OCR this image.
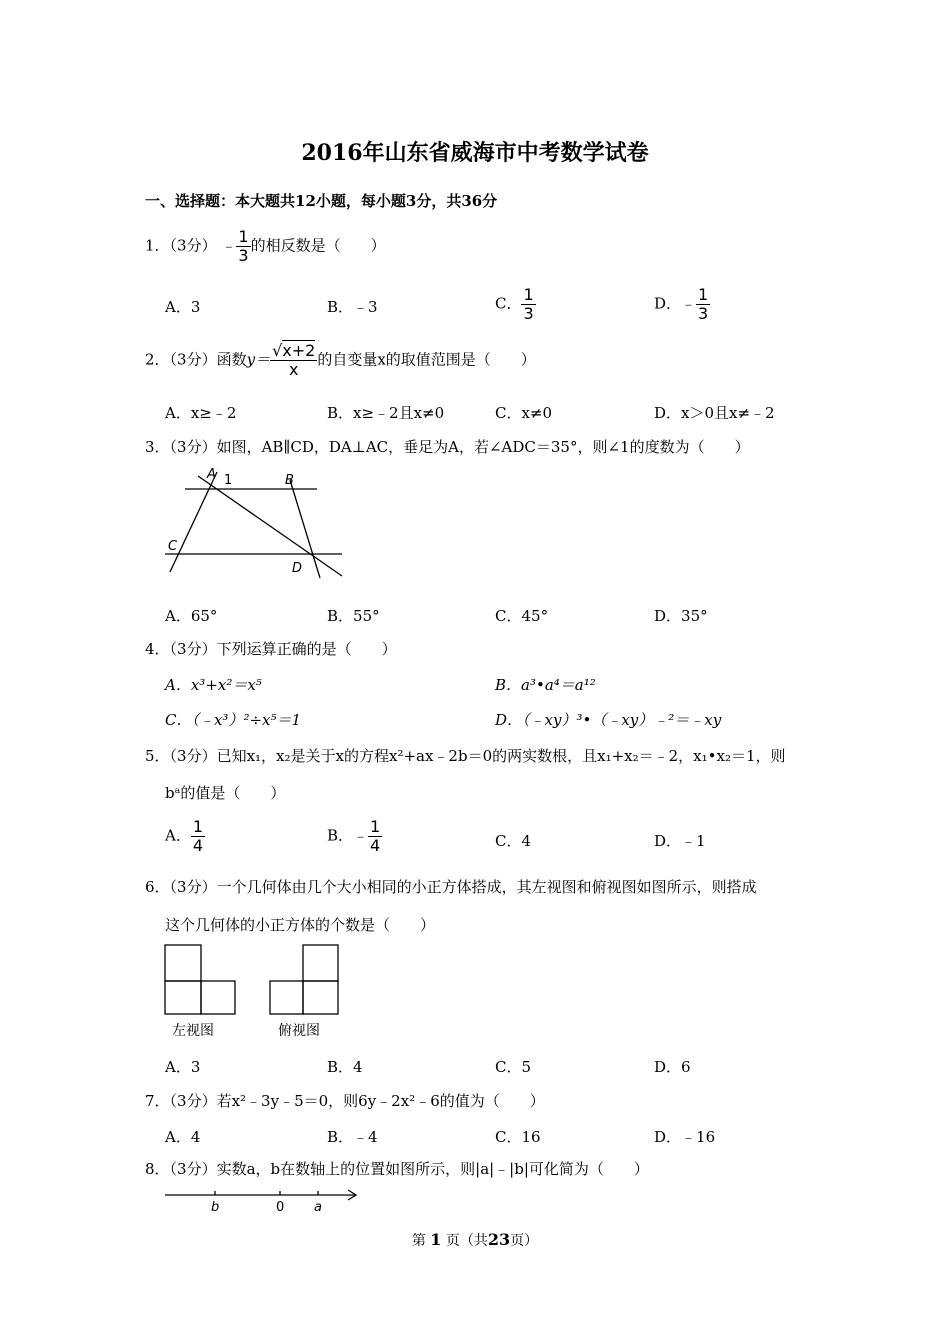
2016年山东省威海市中考数学试卷
一、选择题：本大题共12小题，每小题3分，共36分
1．（3分） ﹣ $\frac{1}{3}$ 的相反数是（　　）
A．3	B．﹣3	C． $\frac{1}{3}$	D．﹣ $\frac{1}{3}$
2．（3分）函数$y= \frac{√x+2}{x}$ 的自变量x的取值范围是（　　）
A．x≥﹣2	B．x≥﹣2且x≠0	C．x≠0	D．x＞0且x≠﹣2
3．（3分）如图，AB∥CD，DA⊥AC，垂足为A，若∠ADC＝35°，则∠1的度数为（　　）
A 1	B
C
D
A．65°	B．55°	C．45°	D．35°
4．（3分）下列运算正确的是（　　）
A．x³+x²＝x⁵	B．a³•a⁴＝a¹²
C．（﹣x³）²÷x⁵＝1	D．（﹣xy）³•（﹣xy）﹣²＝﹣xy
5．（3分）已知x₁，x₂是关于x的方程x²+ax﹣2b＝0的两实数根，且x₁+x₂＝﹣2，x₁•x₂＝1，则
bᵃ的值是（　　）
A． $\frac{1}{4}$	B．﹣ $\frac{1}{4}$	C．4	D．﹣1
6．（3分）一个几何体由几个大小相同的小正方体搭成，其左视图和俯视图如图所示，则搭成
这个几何体的小正方体的个数是（　　）
左视图	俯视图
A．3	B．4	C．5	D．6
7．（3分）若x²﹣3y﹣5＝0，则6y﹣2x²﹣6的值为（　　）
A．4	B．﹣4	C．16	D．﹣16
8．（3分）实数a，b在数轴上的位置如图所示，则|a|﹣|b|可化简为（　　）
b	0 a
第 1 页（共23页）
